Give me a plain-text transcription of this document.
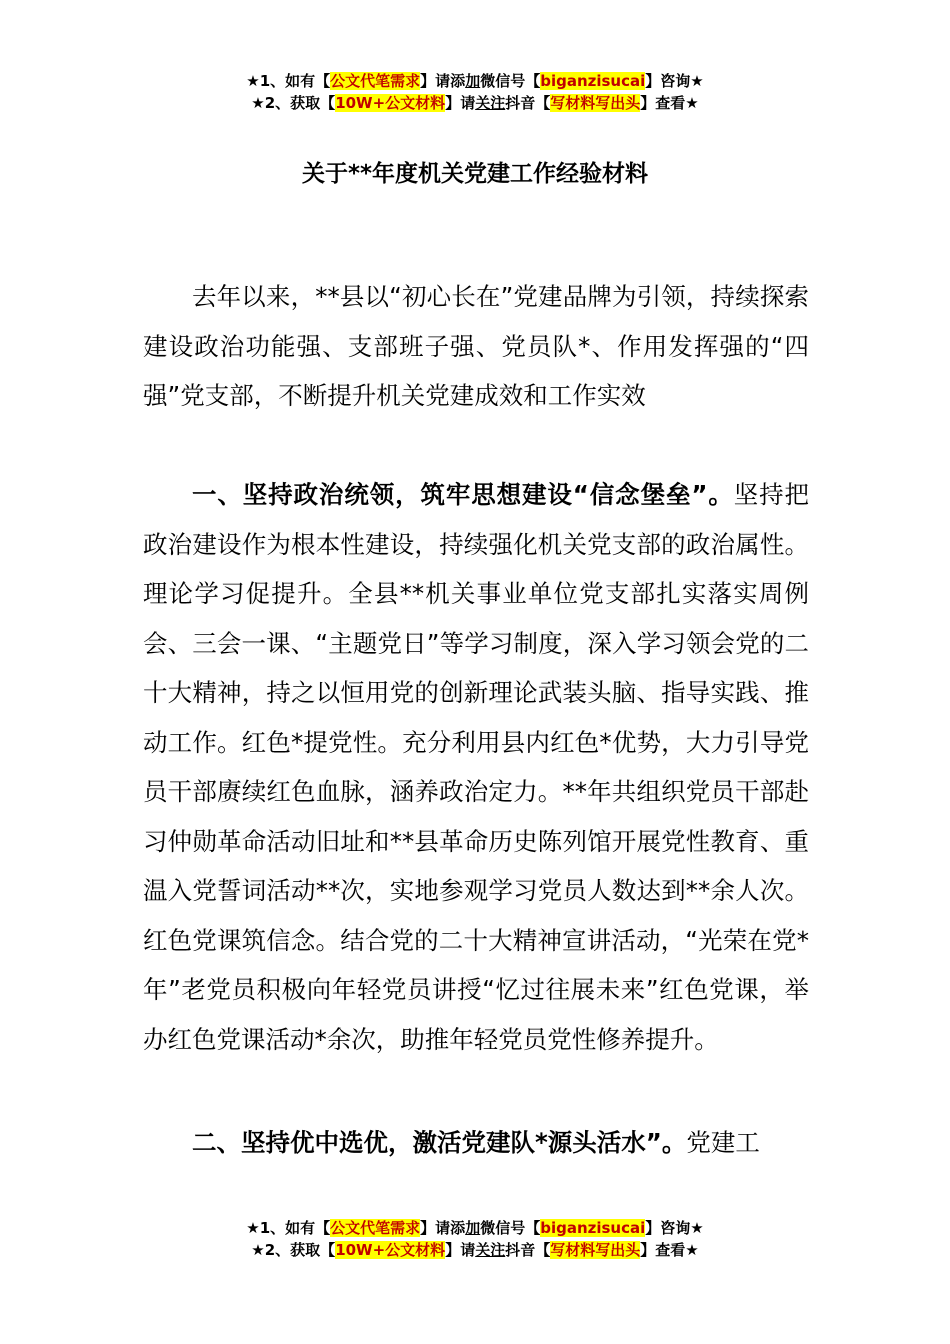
★1、如有【公文代笔需求】请添加微信号【biganzisucai】咨询★
★2、获取【10W+公文材料】请关注抖音【写材料写出头】查看★
关于**年度机关党建工作经验材料

去年以来，**县以“初心长在”党建品牌为引领，持续探索建设政治功能强、支部班子强、党员队*、作用发挥强的“四强”党支部，不断提升机关党建成效和工作实效

一、坚持政治统领，筑牢思想建设“信念堡垒”。坚持把政治建设作为根本性建设，持续强化机关党支部的政治属性。理论学习促提升。全县**机关事业单位党支部扎实落实周例会、三会一课、“主题党日”等学习制度，深入学习领会党的二十大精神，持之以恒用党的创新理论武装头脑、指导实践、推动工作。红色*提党性。充分利用县内红色*优势，大力引导党员干部赓续红色血脉，涵养政治定力。**年共组织党员干部赴习仲勋革命活动旧址和**县革命历史陈列馆开展党性教育、重温入党誓词活动**次，实地参观学习党员人数达到**余人次。红色党课筑信念。结合党的二十大精神宣讲活动，“光荣在党*年”老党员积极向年轻党员讲授“忆过往展未来”红色党课，举办红色党课活动*余次，助推年轻党员党性修养提升。

二、坚持优中选优，激活党建队*源头活水”。党建工

★1、如有【公文代笔需求】请添加微信号【biganzisucai】咨询★
★2、获取【10W+公文材料】请关注抖音【写材料写出头】查看★
